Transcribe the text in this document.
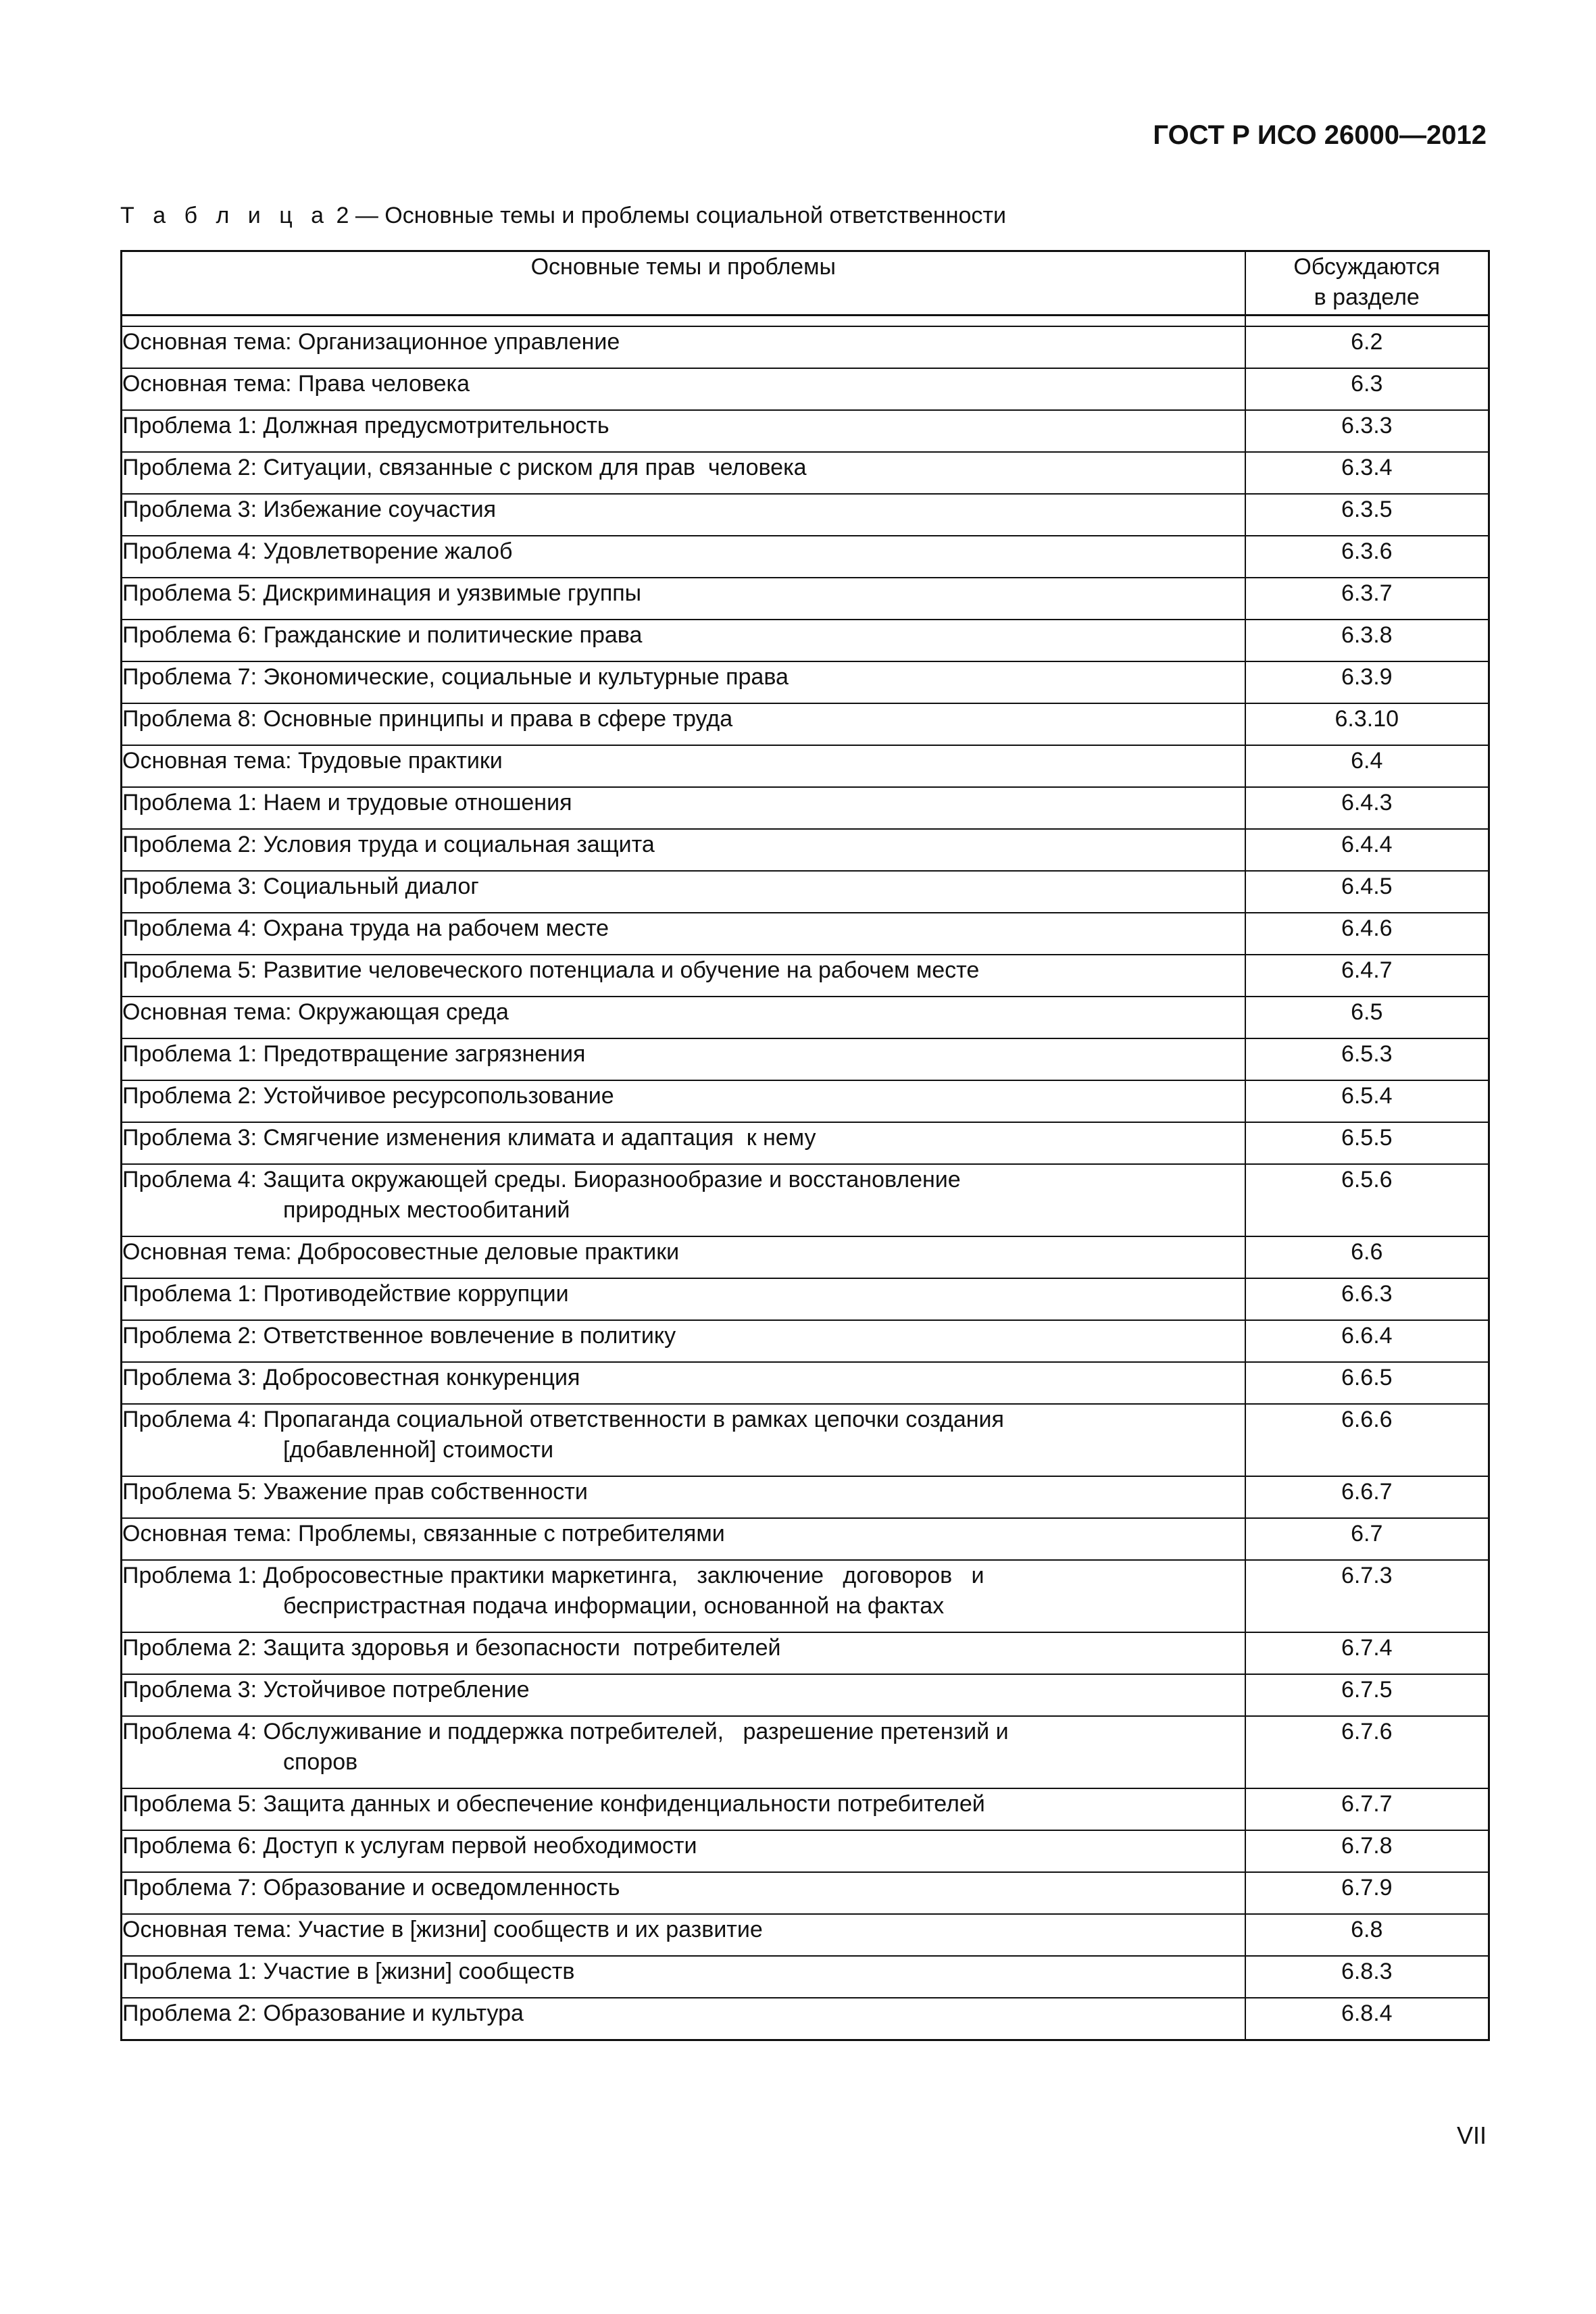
ГОСТ Р ИСО 26000—2012
Т а б л и ц а 2 — Основные темы и проблемы социальной ответственности
Основные темы и проблемы	Обсуждаются
в разделе

Основная тема: Организационное управление	6.2
Основная тема: Права человека	6.3
Проблема 1: Должная предусмотрительность	6.3.3
Проблема 2: Ситуации, связанные с риском для прав  человека	6.3.4
Проблема 3: Избежание соучастия	6.3.5
Проблема 4: Удовлетворение жалоб	6.3.6
Проблема 5: Дискриминация и уязвимые группы	6.3.7
Проблема 6: Гражданские и политические права	6.3.8
Проблема 7: Экономические, социальные и культурные права	6.3.9
Проблема 8: Основные принципы и права в сфере труда	6.3.10
Основная тема: Трудовые практики	6.4
Проблема 1: Наем и трудовые отношения	6.4.3
Проблема 2: Условия труда и социальная защита	6.4.4
Проблема 3: Социальный диалог	6.4.5
Проблема 4: Охрана труда на рабочем месте	6.4.6
Проблема 5: Развитие человеческого потенциала и обучение на рабочем месте	6.4.7
Основная тема: Окружающая среда	6.5
Проблема 1: Предотвращение загрязнения	6.5.3
Проблема 2: Устойчивое ресурсопользование	6.5.4
Проблема 3: Смягчение изменения климата и адаптация  к нему	6.5.5
Проблема 4: Защита окружающей среды. Биоразнообразие и восстановление
природных местообитаний	6.5.6
Основная тема: Добросовестные деловые практики	6.6
Проблема 1: Противодействие коррупции	6.6.3
Проблема 2: Ответственное вовлечение в политику	6.6.4
Проблема 3: Добросовестная конкуренция	6.6.5
Проблема 4: Пропаганда социальной ответственности в рамках цепочки создания
[добавленной] стоимости	6.6.6
Проблема 5: Уважение прав собственности	6.6.7
Основная тема: Проблемы, связанные с потребителями	6.7
Проблема 1: Добросовестные практики маркетинга,   заключение   договоров   и
беспристрастная подача информации, основанной на фактах	6.7.3
Проблема 2: Защита здоровья и безопасности  потребителей	6.7.4
Проблема 3: Устойчивое потребление	6.7.5
Проблема 4: Обслуживание и поддержка потребителей,   разрешение претензий и
споров	6.7.6
Проблема 5: Защита данных и обеспечение конфиденциальности потребителей	6.7.7
Проблема 6: Доступ к услугам первой необходимости	6.7.8
Проблема 7: Образование и осведомленность	6.7.9
Основная тема: Участие в [жизни] сообществ и их развитие	6.8
Проблема 1: Участие в [жизни] сообществ	6.8.3
Проблема 2: Образование и культура	6.8.4
VII
